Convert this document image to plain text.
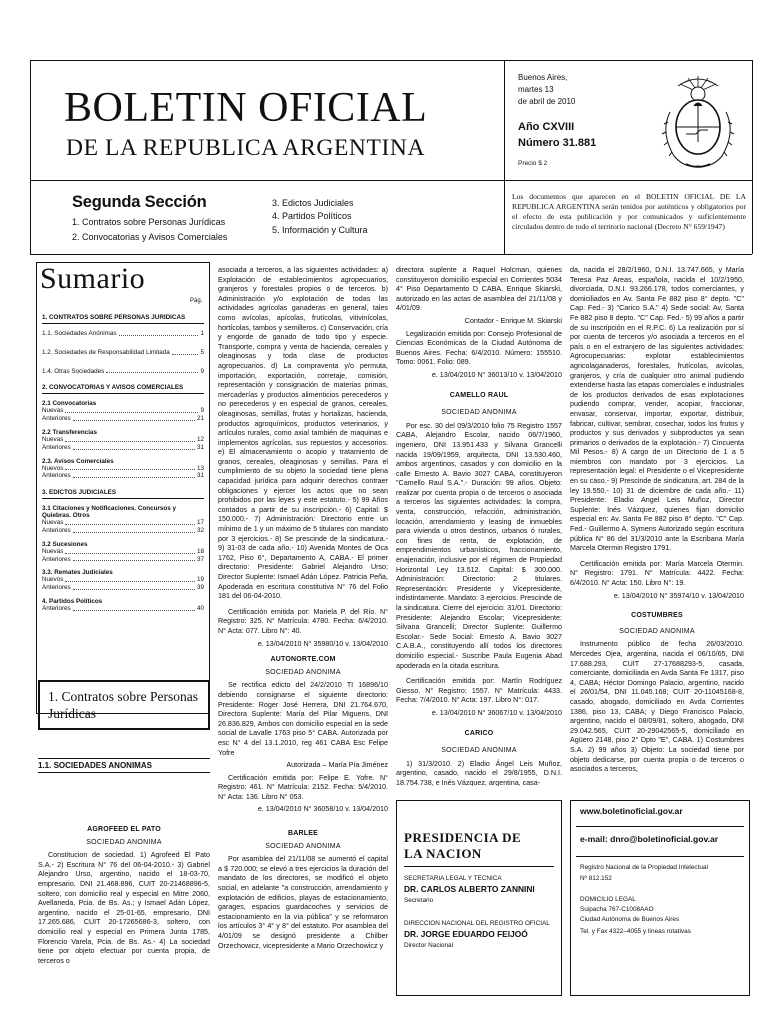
BOLETIN OFICIAL
DE LA REPUBLICA ARGENTINA
Buenos Aires,
martes 13
de abril de 2010
Año CXVIII
Número 31.881
Precio $ 2
Segunda Sección
1. Contratos sobre Personas Jurídicas
2. Convocatorias y Avisos Comerciales
3. Edictos Judiciales
4. Partidos Políticos
5. Información y Cultura
Los documentos que aparecen en el BOLETIN OFICIAL DE LA REPUBLICA ARGENTINA serán tenidos por auténticos y obligatorios por el efecto de esta publicación y por comunicados y suficientemente circulados dentro de todo el territorio nacional (Decreto N° 659/1947)
Sumario
Pág.
1. CONTRATOS SOBRE PERSONAS JURIDICAS
1.1. Sociedades Anónimas	1
1.2. Sociedades de Responsabilidad Limitada	5
1.4. Otras Sociedades	9
2. CONVOCATORIAS Y AVISOS COMERCIALES
2.1 Convocatorias
Nuevas	9
Anteriores	21
2.2 Transferencias
Nuevas	12
Anteriores	31
2.3. Avisos Comerciales
Nuevos	13
Anteriores	31
3. EDICTOS JUDICIALES
3.1 Citaciones y Notificaciones. Concursos y Quiebras. Otros
Nuevas	17
Anteriores	32
3.2 Sucesiones
Nuevas	18
Anteriores	37
3.3. Remates Judiciales
Nuevos	19
Anteriores	39
4. Partidos Políticos
Anteriores	40
1. Contratos sobre Personas Jurídicas
1.1. SOCIEDADES ANONIMAS
AGROFEED EL PATO
SOCIEDAD ANONIMA

Constitucion de sociedad. 1) Agrofeed El Pato S.A.- 2) Escritura N° 76 del 06-04-2010.- 3) Gabriel Alejandro Urso, argentino, nacido el 18-03-70, empresario, DNI 21.468.896, CUIT 20-21468896-5, soltero, con domicilio real y especial en Mitre 2060, Avellaneda, Pcia. de Bs. As.; y Ismael Adán López, argentino, nacido el 25-01-65, empresario, DNI 17.265.686, CUIT 20-17265686-3, soltero, con domicilio real y especial en Primera Junta 1785, Florencio Varela, Pcia. de Bs. As.- 4) La sociedad tiene por objeto efectuar por cuenta propia, de terceros o

asociada a terceros, a las siguientes actividades: a) Explotación de establecimientos agropecuarios, granjeros y forestales propios o de terceros. b) Administración y/o explotación de todas las actividades agrícolas ganaderas en general, tales como avícolas, apícolas, frutícolas, vitivinícolas, hortícolas, tambos y semilleros. c) Conservación, cría y engorde de ganado de todo tipo y especie. Transporte, compra y venta de hacienda, cereales y oleaginosas y toda clase de productos agropecuarios. d) La compraventa y/o permuta, importación, exportación, corretaje, comisión, representación y consignación de materias primas, mercaderías y productos alimenticios perecederos y no perecederos y en especial de granos, cereales, oleaginosas, semillas, frutas y hortalizas, hacienda, productos agroquímicos, productos veterinarios, y artículos rurales, como axial también de maquinas e implementos agrícolas, sus repuestos y accesorios. e) El almacenamiento o acopio y tratamiento de granos, cereales, oleaginosas y semillas. Para el cumplimiento de su objeto la sociedad tiene plena capacidad jurídica para adquirir derechos contraer obligaciones y ejercer los actos que no sean prohibidos por las leyes y este estatuto.- 5) 99 Años contados a partir de su inscripción.- 6) Capital: $ 150.000.- 7) Administración: Directorio entre un mínimo de 1 y un máximo de 5 titulares con mandato por 3 ejercicios.- 8) Se prescinde de la sindicatura.- 9) 31-03 de cada año.- 10) Avenida Montes de Oca 1762, Piso 6°, Departamento A, CABA.- El primer directorio: Presidente: Gabriel Alejandro Urso; Director Suplente: Ismael Adán López. Patricia Peña, Apoderada en escritura constitutiva N° 76 del Folio 181 del 06-04-2010.

Certificación emitida por: Mariela P. del Río. N° Registro: 325. N° Matrícula: 4780. Fecha: 6/4/2010. N° Acta: 077. Libro N°: 40.

e. 13/04/2010 N° 35980/10 v. 13/04/2010

AUTONORTE.COM
SOCIEDAD ANONIMA

Se rectifica edicto del 24/2/2010 TI 16896/10 debiendo consignarse el siguiente directorio: Presidente: Roger José Herrera, DNI 21.764.670, Directora Suplente: María del Pilar Miguens, DNI 26.836.829, Ambos con domicilio especial en la sede social de Lavalle 1763 piso 5° CABA. Autorizada por esc N° 4 del 13.1.2010, reg 461 CABA Esc Felipe Yofre

Autorizada – María Pía Jiménez

Certificación emitida por: Felipe E. Yofre. N° Registro: 461. N° Matrícula: 2152. Fecha: 5/4/2010. N° Acta: 136. Libro N° 053.

e. 13/04/2010 N° 36058/10 v. 13/04/2010

BARLEE
SOCIEDAD ANONIMA

Por asamblea del 21/11/08 se aumentó el capital a $ 720.000; se elevó a tres ejercicios la duración del mandato de los directores, se modificó el objeto social, en adelante "a construcción, arrendamiento y explotación de edificios, playas de estacionamiento, garages, espacios guardacoches y servicios de estacionamiento en la vía pública" y se reformaron los artículos 3° 4° y 8° del estatuto. Por asamblea del 4/01/09 se designó presidente a Chilber Orzechowicz, vicepresidente a Mario Orzechowicz y

directora suplente a Raquel Holcman, quienes constituyeron domicilio especial en Corrientes 5034 4° Piso Departamento D CABA. Enrique Skiarski, autorizado en las actas de asamblea del 21/11/08 y 4/01/09.

Contador - Enrique M. Skiarski

Legalización emitida por: Consejo Profesional de Ciencias Económicas de la Ciudad Autónoma de Buenos Aires. Fecha: 6/4/2010. Número: 155510. Tomo: 0061. Folio: 089.

e. 13/04/2010 N° 36013/10 v. 13/04/2010

CAMELLO RAUL
SOCIEDAD ANONIMA

Por esc. 30 del 09/3/2010 folio 75 Registro 1557 CABA, Alejandro Escolar, nacido 06/7/1960, ingeniero, DNI 13.951.433 y Silvana Grancelli nacida 19/09/1959, arquitecta, DNI 13.530.460, ambos argentinos, casados y con domicilio en la calle Ernesto A. Bavio 3027 CABA, constituyeron "Camello Raul S.A.".- Duración: 99 años. Objeto: realizar por cuenta propia o de terceros o asociada a terceros las siguientes actividades: la compra, venta, construcción, refacción, administración, locación, arrendamiento y leasing de inmuebles para vivienda u otros destinos, urbanos ó rurales, con fines de renta, de explotación, de emprendimientos urbanísticos, fraccionamiento, enajenación, inclusive por el régimen de Propiedad Horizontal Ley 13.512. Capital: $ 300.000. Administración: Directorio: 2 titulares. Representación: Presidente y Vicepresidente, indistintamente. Mandato: 3 ejercicios. Prescinde de la sindicatura. Cierre del ejercicio: 31/01. Directorio: Presidente: Alejandro Escolar; Vicepresidente: Silvana Grancelli; Director Suplente: Guillermo Escolar.- Sede Social: Ernesto A. Bavio 3027 C.A.B.A., constituyendo allí todos los directores domicilio especial.- Suscribe Paula Eugenia Abad apoderada en la citada escritura.

Certificación emitida por: Martín Rodríguez Giesso. N° Registro: 1557. N° Matrícula: 4433. Fecha: 7/4/2010. N° Acta: 197. Libro N°: 017.

e. 13/04/2010 N° 36067/10 v. 13/04/2010

CARICO
SOCIEDAD ANONIMA

1) 31/3/2010. 2) Eladio Ángel Leis Muñoz, argentino, casado, nacido el 29/8/1955, D.N.I. 18.754.738, e Inés Vázquez, argentina, casa-

da, nacida el 28/2/1960, D.N.I. 13.747.665, y María Teresa Paz Areas, española, nacida el 10/2/1950, divorciada, D.N.I. 93.266.178, todos comerciantes, y domiciliados en Av. Santa Fe 882 piso 8° depto. "C" Cap. Fed.- 3) "Carico S.A." 4) Sede social: Av. Santa Fe 882 piso 8 depto. "C" Cap. Fed.- 5) 99 años a partir de su inscripción en el R.P.C. 6) La realización por sí por cuenta de terceros y/o asociada a terceros en el país o en el extranjero de las siguientes actividades: Agrocupecuarias: explotar establecimientos agricolaganaderos, forestales, frutícolas, avícolas, granjeros, y cría de cualquier otro animal pudiendo extenderse hasta las etapas comerciales e industriales de los productos derivados de esas explotaciones pudiendo comprar, vender, acopiar, fraccionar, envasar, conservar, importar, exportar, distribuir, fabricar, cultivar, sembrar, cosechar, todos los frutos y productos y sus derivados y subproductos ya sean primarios o derivados de la explotación.- 7) Cincuenta Mil Pesos.- 8) A cargo de un Directorio de 1 a 5 miembros con mandato por 3 ejercicios. La representación legal: el Presidente o el Vicepresidente en su caso.- 9) Prescinde de sindicatura, art. 284 de la ley 19.550.- 10) 31 de diciembre de cada año.- 11) Presidente: Eladio Angel Leis Muñoz, Director Suplente: Inés Vázquez, quienes fijan domicilio especial en: Av. Santa Fe 882 piso 8° depto. "C" Cap. Fed.- Guillermo A. Symens Autorizado según escritura pública N° 86 del 31/3/2010 ante la Escribana María Marcela Otermin Registro 1791.

Certificación emitida por: María Marcela Otermin. N° Registro: 1791. N° Matrícula: 4422. Fecha: 6/4/2010. N° Acta: 150. Libro N°: 19.

e. 13/04/2010 N° 35974/10 v. 13/04/2010

COSTUMBRES
SOCIEDAD ANONIMA

Instrumento público de fecha 26/03/2010. Mercedes Ojea, argentina, nacida el 06/10/65, DNI 17.688.293, CUIT 27-17688293-5, casada, comerciante, domiciliada en Avda Santa Fe 1317, piso 4, CABA; Héctor Domingo Palacio, argentino, nacido el 26/01/54, DNI 11.045.168; CUIT 20-11045168-8, casado, abogado, domiciliado en Avda Corrientes 1386, piso 13, CABA; y Diego Francisco Palacio, argentino, nacido el 08/09/81, soltero, abogado, DNI 29.042.565, CUIT 20-29042565-5, domiciliado en Agüero 2148, piso 2° Dpto "E", CABA. 1) Costumbres S.A. 2) 99 años 3) Objeto: La sociedad tiene por objeto dedicarse, por cuenta propia o de terceros o asociados a terceros,

PRESIDENCIA DE
LA NACION
SECRETARIA LEGAL Y TECNICA
DR. CARLOS ALBERTO ZANNINI
Secretario
DIRECCION NACIONAL DEL REGISTRO OFICIAL
DR. JORGE EDUARDO FEIJOÓ
Director Nacional
www.boletinoficial.gov.ar
e-mail: dnro@boletinoficial.gov.ar
Registro Nacional de la Propiedad Intelectual
Nº 812.152
DOMICILIO LEGAL
Suipacha 767-C1008AAO
Ciudad Autónoma de Buenos Aires
Tel. y Fax 4322–4055 y líneas rotativas
